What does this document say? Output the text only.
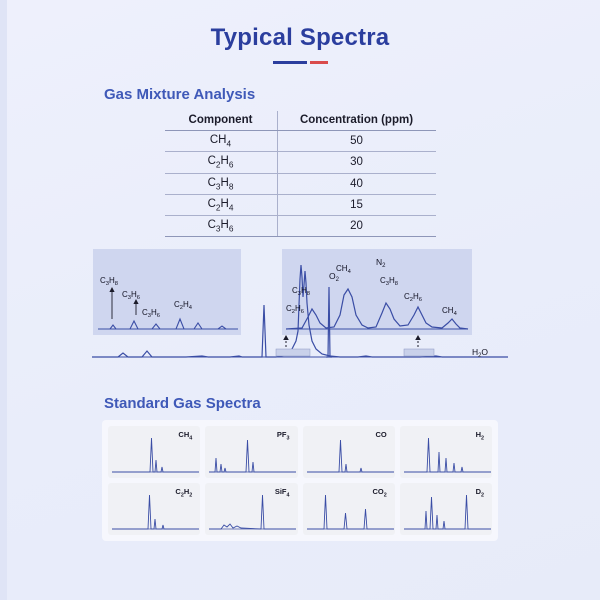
Typical Spectra
Gas Mixture Analysis
Component	Concentration (ppm)
$CH_4$	50
$C_2H_6$	30
$C_3H_8$	40
$C_2H_4$	15
$C_3H_6$	20
$O_2$
$N_2$
$H_2O$
$C_3H_8$
$C_3H_6$
$C_3H_6$
$C_2H_4$
$CH_4$
$C_3H_8$
$C_2H_6$
$C_3H_8$
$C_2H_6$
$CH_4$
Standard Gas Spectra
$CH_4$	$PF_3$	CO	$H_2$
$C_2H_2$	SiF$_4$	$CO_2$	$D_2$
